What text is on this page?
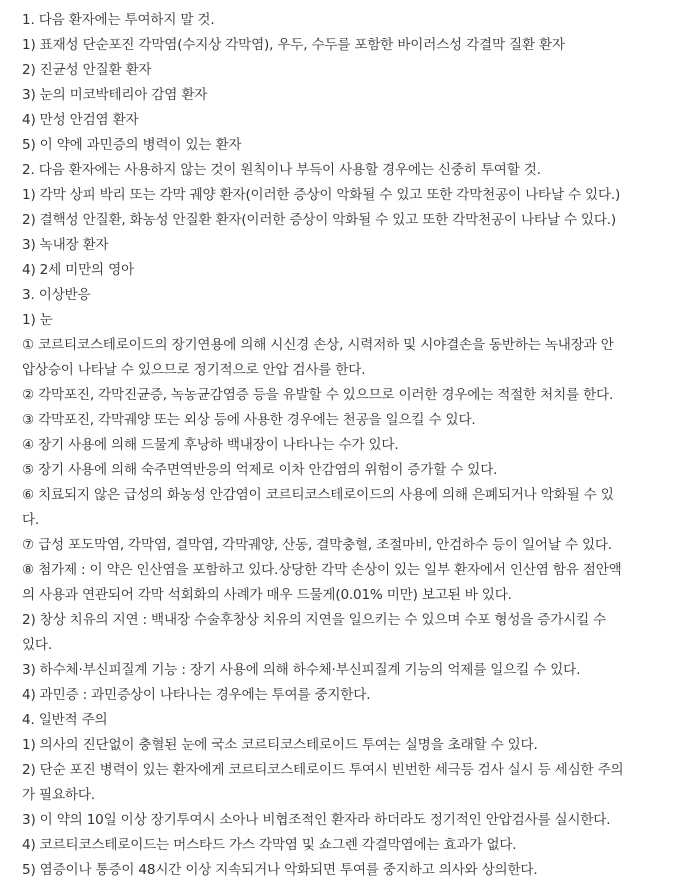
1. 다음 환자에는 투여하지 말 것.
1) 표재성 단순포진 각막염(수지상 각막염), 우두, 수두를 포함한 바이러스성 각결막 질환 환자
2) 진균성 안질환 환자
3) 눈의 미코박테리아 감염 환자
4) 만성 안검염 환자
5) 이 약에 과민증의 병력이 있는 환자
2. 다음 환자에는 사용하지 않는 것이 원칙이나 부득이 사용할 경우에는 신중히 투여할 것.
1) 각막 상피 박리 또는 각막 궤양 환자(이러한 증상이 악화될 수 있고 또한 각막천공이 나타날 수 있다.)
2) 결핵성 안질환, 화농성 안질환 환자(이러한 증상이 악화될 수 있고 또한 각막천공이 나타날 수 있다.)
3) 녹내장 환자
4) 2세 미만의 영아
3. 이상반응
1) 눈
① 코르티코스테로이드의 장기연용에 의해 시신경 손상, 시력저하 및 시야결손을 동반하는 녹내장과 안
압상승이 나타날 수 있으므로 정기적으로 안압 검사를 한다.
② 각막포진, 각막진균증, 녹농균감염증 등을 유발할 수 있으므로 이러한 경우에는 적절한 처치를 한다.
③ 각막포진, 각막궤양 또는 외상 등에 사용한 경우에는 천공을 일으킬 수 있다.
④ 장기 사용에 의해 드물게 후낭하 백내장이 나타나는 수가 있다.
⑤ 장기 사용에 의해 숙주면역반응의 억제로 이차 안감염의 위험이 증가할 수 있다.
⑥ 치료되지 않은 급성의 화농성 안감염이 코르티코스테로이드의 사용에 의해 은폐되거나 악화될 수 있
다.
⑦ 급성 포도막염, 각막염, 결막염, 각막궤양, 산동, 결막충혈, 조절마비, 안검하수 등이 일어날 수 있다.
⑧ 첨가제 : 이 약은 인산염을 포함하고 있다.상당한 각막 손상이 있는 일부 환자에서 인산염 함유 점안액
의 사용과 연관되어 각막 석회화의 사례가 매우 드물게(0.01% 미만) 보고된 바 있다.
2) 창상 치유의 지연 : 백내장 수술후창상 치유의 지연을 일으키는 수 있으며 수포 형성을 증가시킬 수
있다.
3) 하수체·부신피질계 기능 : 장기 사용에 의해 하수체·부신피질계 기능의 억제를 일으킬 수 있다.
4) 과민증 : 과민증상이 나타나는 경우에는 투여를 중지한다.
4. 일반적 주의
1) 의사의 진단없이 충혈된 눈에 국소 코르티코스테로이드 투여는 실명을 초래할 수 있다.
2) 단순 포진 병력이 있는 환자에게 코르티코스테로이드 투여시 빈번한 세극등 검사 실시 등 세심한 주의
가 필요하다.
3) 이 약의 10일 이상 장기투여시 소아나 비협조적인 환자라 하더라도 정기적인 안압검사를 실시한다.
4) 코르티코스테로이드는 머스타드 가스 각막염 및 쇼그렌 각결막염에는 효과가 없다.
5) 염증이나 통증이 48시간 이상 지속되거나 악화되면 투여를 중지하고 의사와 상의한다.
